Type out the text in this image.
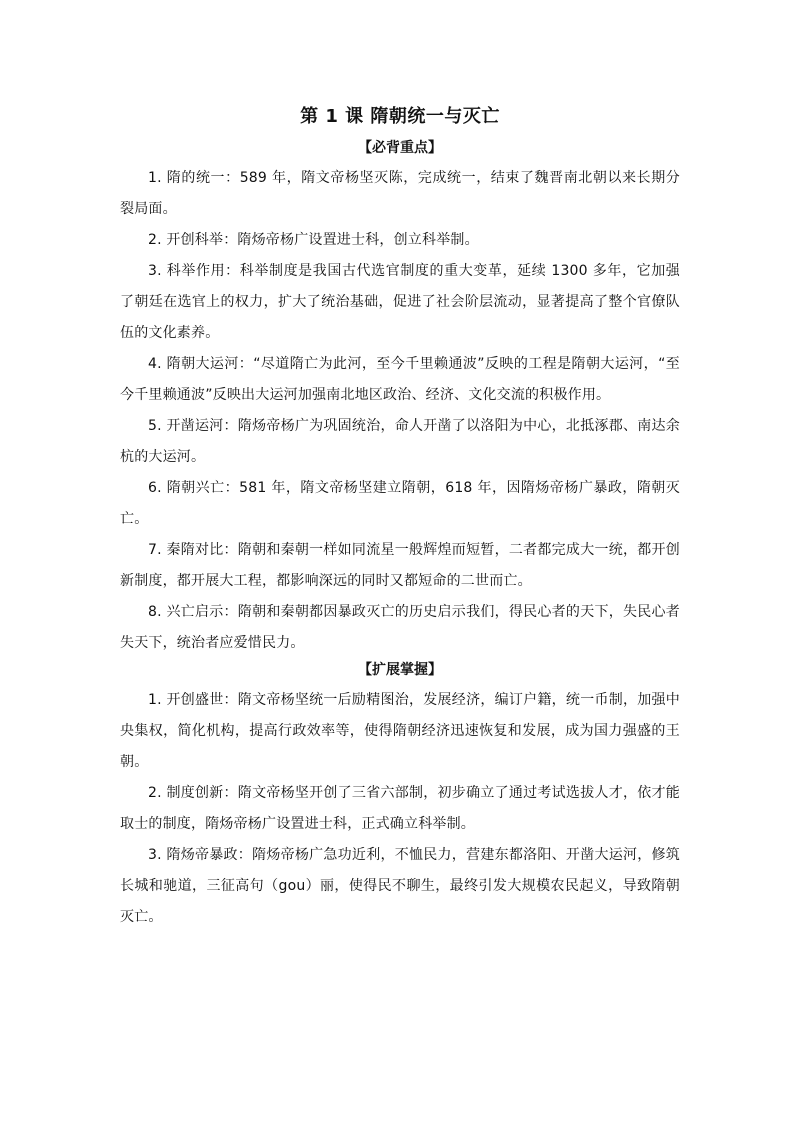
第 1 课 隋朝统一与灭亡
【必背重点】

1. 隋的统一：589 年，隋文帝杨坚灭陈，完成统一，结束了魏晋南北朝以来长期分裂局面。

2. 开创科举：隋炀帝杨广设置进士科，创立科举制。

3. 科举作用：科举制度是我国古代选官制度的重大变革，延续 1300 多年，它加强了朝廷在选官上的权力，扩大了统治基础，促进了社会阶层流动，显著提高了整个官僚队伍的文化素养。

4. 隋朝大运河：“尽道隋亡为此河，至今千里赖通波”反映的工程是隋朝大运河，“至今千里赖通波”反映出大运河加强南北地区政治、经济、文化交流的积极作用。

5. 开凿运河：隋炀帝杨广为巩固统治，命人开凿了以洛阳为中心，北抵涿郡、南达余杭的大运河。

6. 隋朝兴亡：581 年，隋文帝杨坚建立隋朝，618 年，因隋炀帝杨广暴政，隋朝灭亡。

7. 秦隋对比：隋朝和秦朝一样如同流星一般辉煌而短暂，二者都完成大一统，都开创新制度，都开展大工程，都影响深远的同时又都短命的二世而亡。

8. 兴亡启示：隋朝和秦朝都因暴政灭亡的历史启示我们，得民心者的天下，失民心者失天下，统治者应爱惜民力。

【扩展掌握】

1. 开创盛世：隋文帝杨坚统一后励精图治，发展经济，编订户籍，统一币制，加强中央集权，简化机构，提高行政效率等，使得隋朝经济迅速恢复和发展，成为国力强盛的王朝。

2. 制度创新：隋文帝杨坚开创了三省六部制，初步确立了通过考试选拔人才，依才能取士的制度，隋炀帝杨广设置进士科，正式确立科举制。

3. 隋炀帝暴政：隋炀帝杨广急功近利，不恤民力，营建东都洛阳、开凿大运河，修筑长城和驰道，三征高句（gou）丽，使得民不聊生，最终引发大规模农民起义，导致隋朝灭亡。
